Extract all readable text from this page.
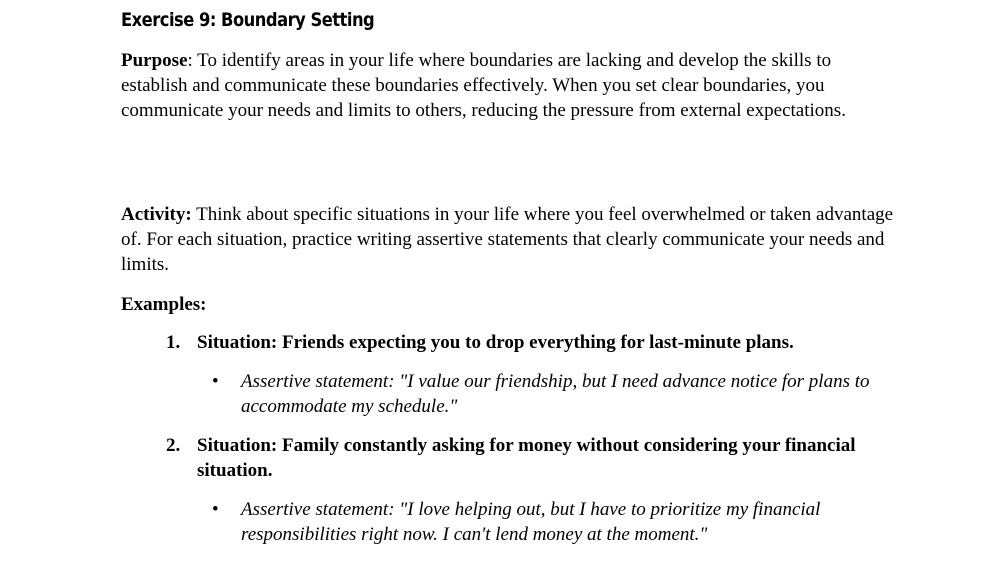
Exercise 9: Boundary Setting

Purpose: To identify areas in your life where boundaries are lacking and develop the skills to establish and communicate these boundaries effectively. When you set clear boundaries, you communicate your needs and limits to others, reducing the pressure from external expectations.

Activity: Think about specific situations in your life where you feel overwhelmed or taken advantage of. For each situation, practice writing assertive statements that clearly communicate your needs and limits.

Examples:

1. Situation: Friends expecting you to drop everything for last-minute plans.

• Assertive statement: "I value our friendship, but I need advance notice for plans to accommodate my schedule."

2. Situation: Family constantly asking for money without considering your financial situation.

• Assertive statement: "I love helping out, but I have to prioritize my financial responsibilities right now. I can't lend money at the moment."
